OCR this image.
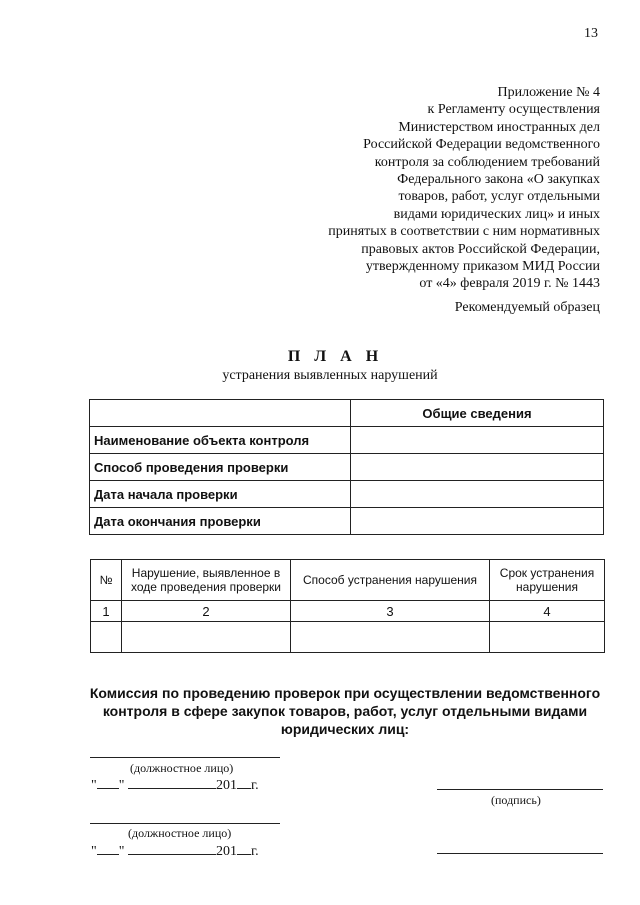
13
Приложение № 4
к Регламенту осуществления
Министерством иностранных дел
Российской Федерации ведомственного
контроля за соблюдением требований
Федерального закона «О закупках
товаров, работ, услуг отдельными
видами юридических лиц» и иных
принятых в соответствии с ним нормативных
правовых актов Российской Федерации,
утвержденному приказом МИД России
от «4» февраля 2019 г. № 1443
Рекомендуемый образец
ПЛАН
устранения выявленных нарушений
	Общие сведения
Наименование объекта контроля	
Способ проведения проверки	
Дата начала проверки	
Дата окончания проверки	
№	Нарушение, выявленное в ходе проведения проверки	Способ устранения нарушения	Срок устранения нарушения
1	2	3	4

Комиссия по проведению проверок при осуществлении ведомственного контроля в сфере закупок товаров, работ, услуг отдельными видами юридических лиц:
(должностное лицо)
" "	201 г.
(подпись)
(должностное лицо)
" "	201 г.
